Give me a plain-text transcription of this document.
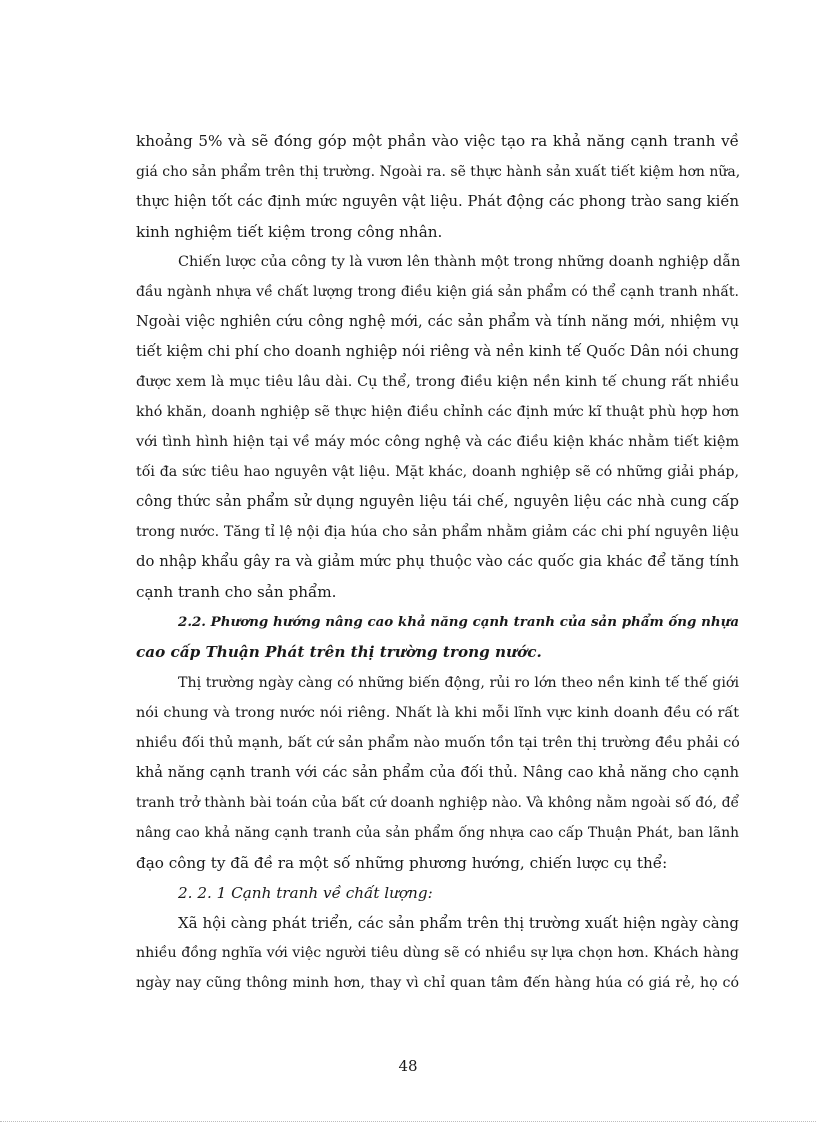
khoảng 5% và sẽ đóng góp một phần vào việc tạo ra khả năng cạnh tranh về
giá cho sản phẩm trên thị trường. Ngoài ra. sẽ thực hành sản xuất tiết kiệm hơn nữa,
thực hiện tốt các định mức nguyên vật liệu. Phát động các phong trào sang kiến
kinh nghiệm tiết kiệm trong công nhân.
Chiến lược của công ty là vươn lên thành một trong những doanh nghiệp dẫn
đầu ngành nhựa về chất lượng trong điều kiện giá sản phẩm có thể cạnh tranh nhất.
Ngoài việc nghiên cứu công nghệ mới, các sản phẩm và tính năng mới, nhiệm vụ
tiết kiệm chi phí cho doanh nghiệp nói riêng và nền kinh tế Quốc Dân nói chung
được xem là mục tiêu lâu dài. Cụ thể, trong điều kiện nền kinh tế chung rất nhiều
khó khăn, doanh nghiệp sẽ thực hiện điều chỉnh các định mức kĩ thuật phù hợp hơn
với tình hình hiện tại về máy móc công nghệ và các điều kiện khác nhằm tiết kiệm
tối đa sức tiêu hao nguyên vật liệu. Mặt khác, doanh nghiệp sẽ có những giải pháp,
công thức sản phẩm sử dụng nguyên liệu tái chế, nguyên liệu các nhà cung cấp
trong nước. Tăng tỉ lệ nội địa húa cho sản phẩm nhằm giảm các chi phí nguyên liệu
do nhập khẩu gây ra và giảm mức phụ thuộc vào các quốc gia khác để tăng tính
cạnh tranh cho sản phẩm.
2.2. Phương hướng nâng cao khả năng cạnh tranh của sản phẩm ống nhựa
cao cấp Thuận Phát trên thị trường trong nước.
Thị trường ngày càng có những biến động, rủi ro lớn theo nền kinh tế thế giới
nói chung và trong nước nói riêng. Nhất là khi mỗi lĩnh vực kinh doanh đều có rất
nhiều đối thủ mạnh, bất cứ sản phẩm nào muốn tồn tại trên thị trường đều phải có
khả năng cạnh tranh với các sản phẩm của đối thủ. Nâng cao khả năng cho cạnh
tranh trở thành bài toán của bất cứ doanh nghiệp nào. Và không nằm ngoài số đó, để
nâng cao khả năng cạnh tranh của sản phẩm ống nhựa cao cấp Thuận Phát, ban lãnh
đạo công ty đã đề ra một số những phương hướng, chiến lược cụ thể:
2. 2. 1 Cạnh tranh về chất lượng:
Xã hội càng phát triển, các sản phẩm trên thị trường xuất hiện ngày càng
nhiều đồng nghĩa với việc người tiêu dùng sẽ có nhiều sự lựa chọn hơn. Khách hàng
ngày nay cũng thông minh hơn, thay vì chỉ quan tâm đến hàng húa có giá rẻ, họ có
48
